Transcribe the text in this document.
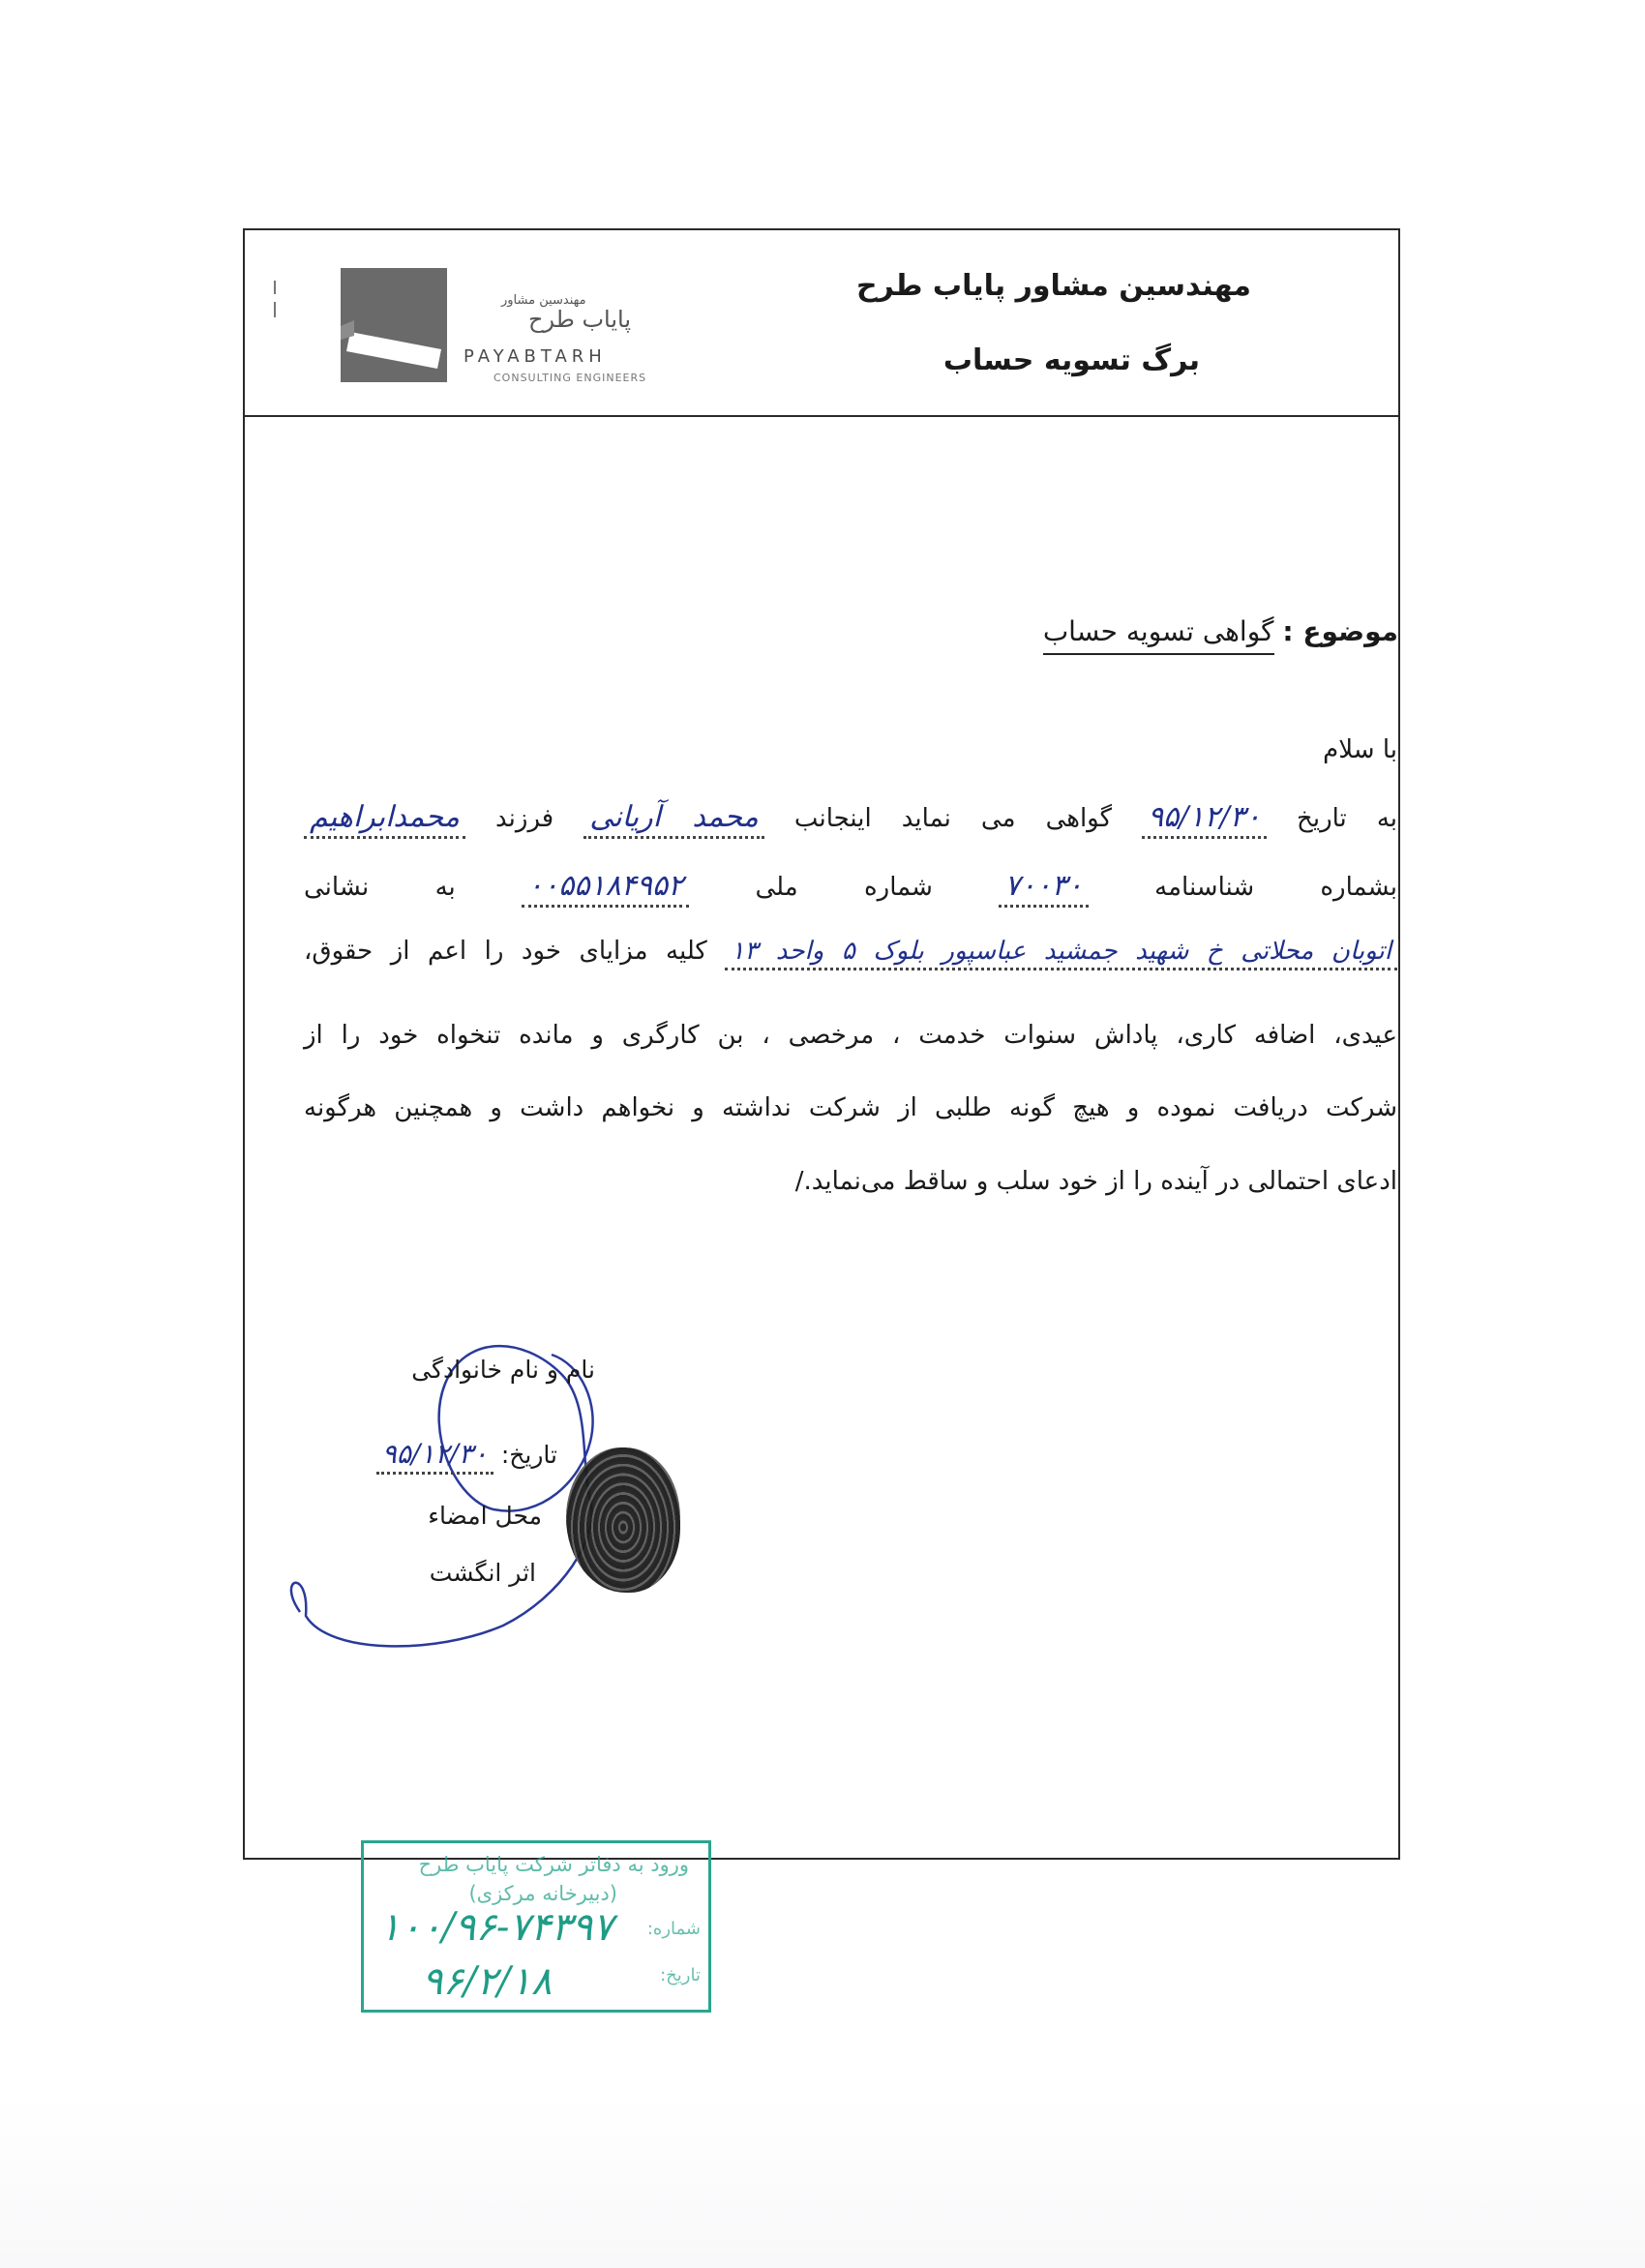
مهندسین مشاور پایاب طرح
برگ تسویه حساب
مهندسین مشاور
پایاب طرح
PAYABTARH
CONSULTING ENGINEERS
موضوع : گواهی تسویه حساب
با سلام
به تاریخ ۹۵/۱۲/۳۰ گواهی می نماید اینجانب محمد آریانی فرزند محمدابراهیم
بشماره شناسنامه ۷۰۰۳۰ شماره ملی ۰۰۵۵۱۸۴۹۵۲ به نشانی
اتوبان محلاتی خ شهید جمشید عباسپور بلوک ۵ واحد ۱۳ کلیه مزایای خود را اعم از حقوق،
عیدی، اضافه کاری، پاداش سنوات خدمت ، مرخصی ، بن کارگری و مانده تنخواه خود را از
شرکت دریافت نموده و هیچ گونه طلبی از شرکت نداشته و نخواهم داشت و همچنین هرگونه
ادعای احتمالی در آینده را از خود سلب و ساقط می‌نماید./
نام و نام خانوادگی
تاریخ: ۹۵/۱۲/۳۰
محل امضاء
اثر انگشت
ورود به دفاتر شرکت پایاب طرح
(دبیرخانه مرکزی)
شماره:
تاریخ:
۱۰۰/۹۶-۷۴۳۹۷
۹۶/۲/۱۸
